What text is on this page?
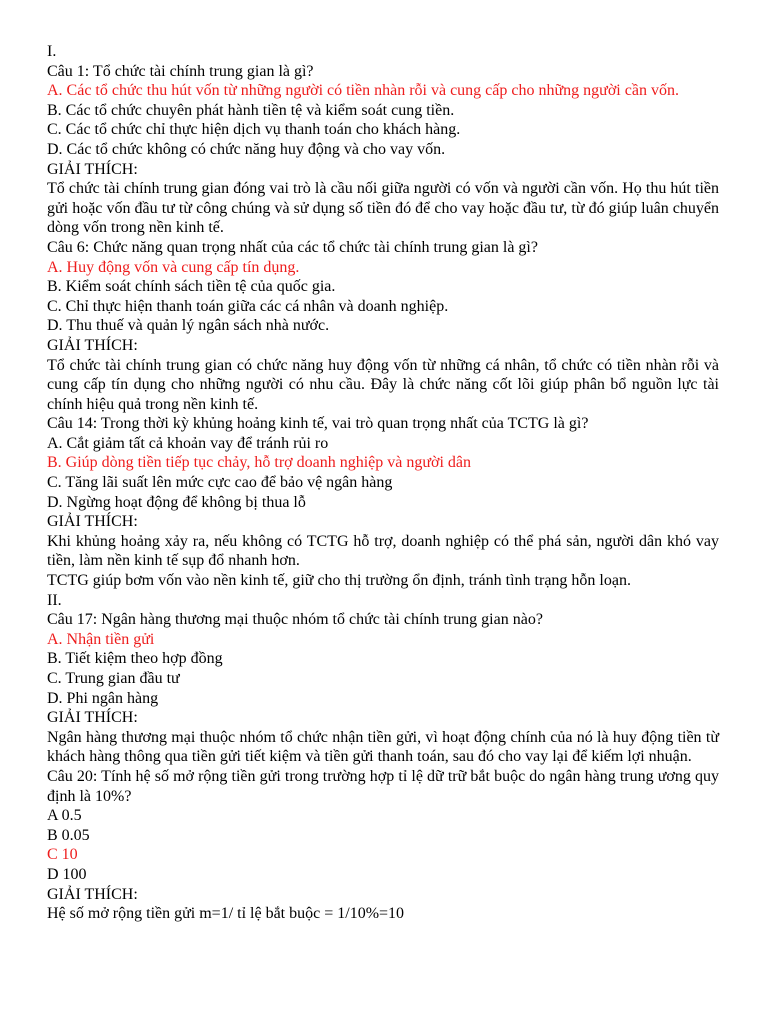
I.
Câu 1: Tổ chức tài chính trung gian là gì?
A. Các tổ chức thu hút vốn từ những người có tiền nhàn rỗi và cung cấp cho những người cần vốn.
B. Các tổ chức chuyên phát hành tiền tệ và kiểm soát cung tiền.
C. Các tổ chức chỉ thực hiện dịch vụ thanh toán cho khách hàng.
D. Các tổ chức không có chức năng huy động và cho vay vốn.
GIẢI THÍCH:
Tổ chức tài chính trung gian đóng vai trò là cầu nối giữa người có vốn và người cần vốn. Họ thu hút tiền gửi hoặc vốn đầu tư từ công chúng và sử dụng số tiền đó để cho vay hoặc đầu tư, từ đó giúp luân chuyển dòng vốn trong nền kinh tế.
Câu 6: Chức năng quan trọng nhất của các tổ chức tài chính trung gian là gì?
A. Huy động vốn và cung cấp tín dụng.
B. Kiểm soát chính sách tiền tệ của quốc gia.
C. Chỉ thực hiện thanh toán giữa các cá nhân và doanh nghiệp.
D. Thu thuế và quản lý ngân sách nhà nước.
GIẢI THÍCH:
Tổ chức tài chính trung gian có chức năng huy động vốn từ những cá nhân, tổ chức có tiền nhàn rỗi và cung cấp tín dụng cho những người có nhu cầu. Đây là chức năng cốt lõi giúp phân bổ nguồn lực tài chính hiệu quả trong nền kinh tế.
Câu 14: Trong thời kỳ khủng hoảng kinh tế, vai trò quan trọng nhất của TCTG là gì?
A. Cắt giảm tất cả khoản vay để tránh rủi ro
B. Giúp dòng tiền tiếp tục chảy, hỗ trợ doanh nghiệp và người dân
C. Tăng lãi suất lên mức cực cao để bảo vệ ngân hàng
D. Ngừng hoạt động để không bị thua lỗ
GIẢI THÍCH:
Khi khủng hoảng xảy ra, nếu không có TCTG hỗ trợ, doanh nghiệp có thể phá sản, người dân khó vay tiền, làm nền kinh tế sụp đổ nhanh hơn.
TCTG giúp bơm vốn vào nền kinh tế, giữ cho thị trường ổn định, tránh tình trạng hỗn loạn.
II.
Câu 17: Ngân hàng thương mại thuộc nhóm tổ chức tài chính trung gian nào?
A. Nhận tiền gửi
B. Tiết kiệm theo hợp đồng
C. Trung gian đầu tư
D. Phi ngân hàng
GIẢI THÍCH:
Ngân hàng thương mại thuộc nhóm tổ chức nhận tiền gửi, vì hoạt động chính của nó là huy động tiền từ khách hàng thông qua tiền gửi tiết kiệm và tiền gửi thanh toán, sau đó cho vay lại để kiếm lợi nhuận.
Câu 20: Tính hệ số mở rộng tiền gửi trong trường hợp tỉ lệ dữ trữ bắt buộc do ngân hàng trung ương quy định là 10%?
A 0.5
B 0.05
C 10
D 100
GIẢI THÍCH:
Hệ số mở rộng tiền gửi m=1/ tỉ lệ bắt buộc = 1/10%=10
